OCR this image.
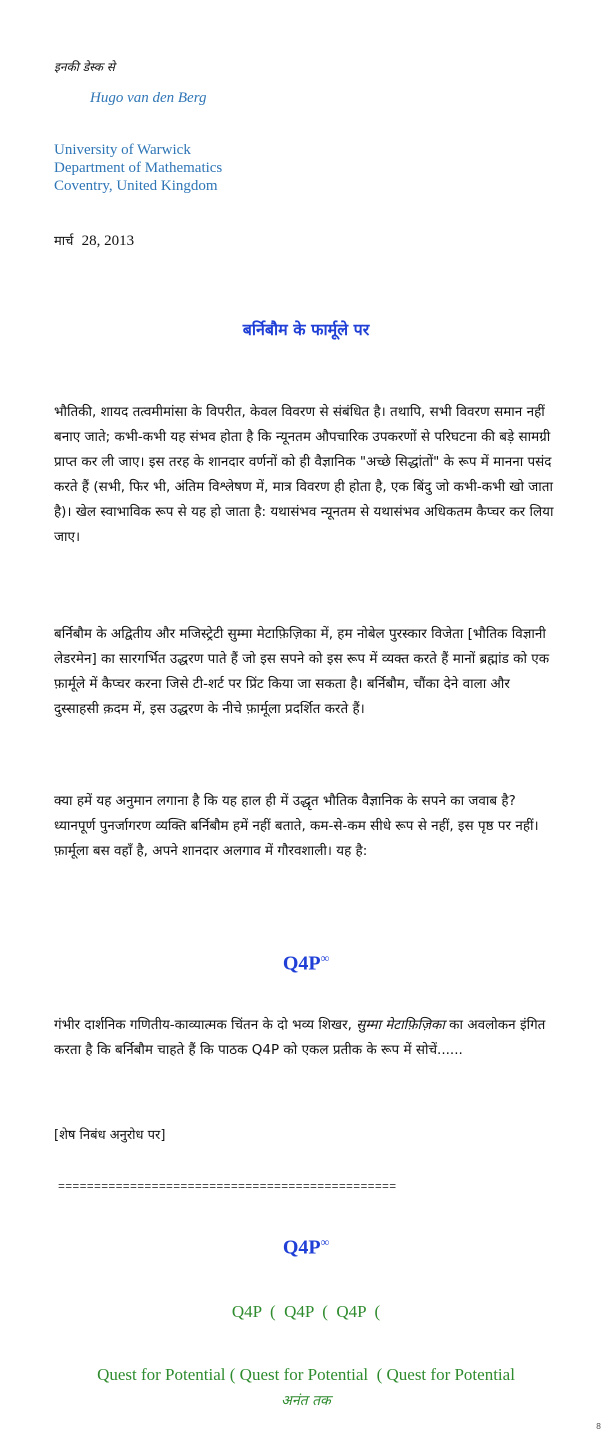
इनकी डेस्क से
Hugo van den Berg
University of Warwick
Department of Mathematics
Coventry, United Kingdom
मार्च 28, 2013
बर्निबौम के फार्मूले पर
भौतिकी, शायद तत्वमीमांसा के विपरीत, केवल विवरण से संबंधित है। तथापि, सभी विवरण समान नहीं बनाए जाते; कभी-कभी यह संभव होता है कि न्यूनतम औपचारिक उपकरणों से परिघटना की बड़े सामग्री प्राप्त कर ली जाए। इस तरह के शानदार वर्णनों को ही वैज्ञानिक "अच्छे सिद्धांतों" के रूप में मानना पसंद करते हैं (सभी, फिर भी, अंतिम विश्लेषण में, मात्र विवरण ही होता है, एक बिंदु जो कभी-कभी खो जाता है)। खेल स्वाभाविक रूप से यह हो जाता है: यथासंभव न्यूनतम से यथासंभव अधिकतम कैप्चर कर लिया जाए।
बर्निबौम के अद्वितीय और मजिस्ट्रेटी सुम्मा मेटाफ़िज़िका में, हम नोबेल पुरस्कार विजेता [भौतिक विज्ञानी लेडरमेन] का सारगर्भित उद्धरण पाते हैं जो इस सपने को इस रूप में व्यक्त करते हैं मानों ब्रह्मांड को एक फ़ार्मूले में कैप्चर करना जिसे टी-शर्ट पर प्रिंट किया जा सकता है। बर्निबौम, चौंका देने वाला और दुस्साहसी क़दम में, इस उद्धरण के नीचे फ़ार्मूला प्रदर्शित करते हैं।
क्या हमें यह अनुमान लगाना है कि यह हाल ही में उद्धृत भौतिक वैज्ञानिक के सपने का जवाब है? ध्यानपूर्ण पुनर्जागरण व्यक्ति बर्निबौम हमें नहीं बताते, कम-से-कम सीधे रूप से नहीं, इस पृष्ठ पर नहीं। फ़ार्मूला बस वहाँ है, अपने शानदार अलगाव में गौरवशाली। यह है:
Q4P∞
गंभीर दार्शनिक गणितीय-काव्यात्मक चिंतन के दो भव्य शिखर, सुम्मा मेटाफ़िज़िका का अवलोकन इंगित करता है कि बर्निबौम चाहते हैं कि पाठक Q4P को एकल प्रतीक के रूप में सोचें......
[शेष निबंध अनुरोध पर]
===============================================
Q4P∞
Q4P  (  Q4P  (  Q4P  (
Quest for Potential ( Quest for Potential  ( Quest for Potential
अनंत तक
8
